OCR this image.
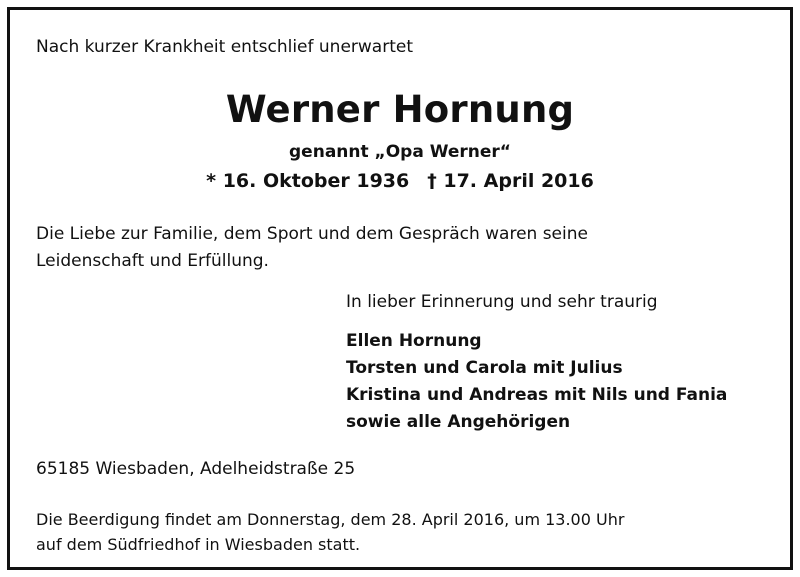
Nach kurzer Krankheit entschlief unerwartet

Werner Hornung

genannt „Opa Werner“

* 16. Oktober 1936 † 17. April 2016

Die Liebe zur Familie, dem Sport und dem Gespräch waren seine
Leidenschaft und Erfüllung.

In lieber Erinnerung und sehr traurig

Ellen Hornung
Torsten und Carola mit Julius
Kristina und Andreas mit Nils und Fania
sowie alle Angehörigen

65185 Wiesbaden, Adelheidstraße 25

Die Beerdigung findet am Donnerstag, dem 28. April 2016, um 13.00 Uhr
auf dem Südfriedhof in Wiesbaden statt.
